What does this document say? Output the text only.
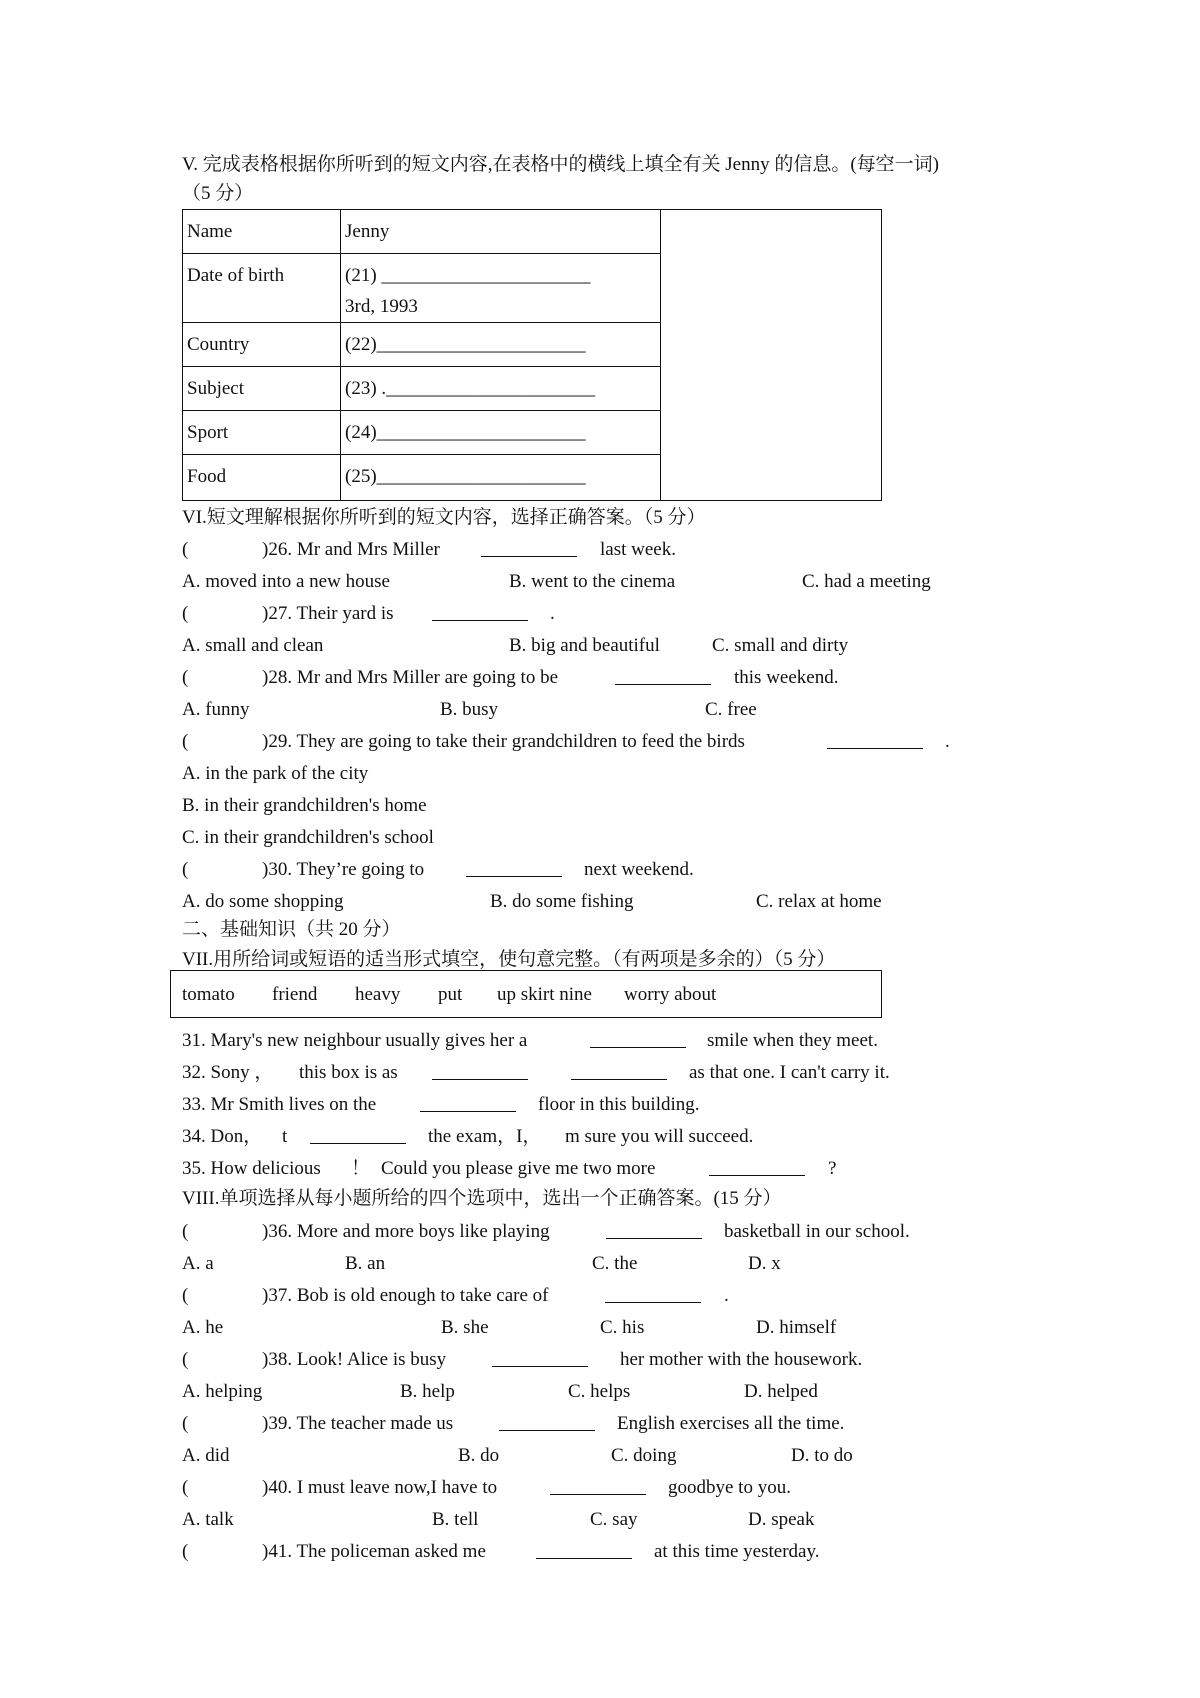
V. 完成表格根据你所听到的短文内容,在表格中的横线上填全有关 Jenny 的信息。(每空一词)
（5 分）
Name	Jenny	
Date of birth	(21) ______________________
3rd, 1993	

Country	(22)______________________	
Subject	(23) .______________________	
Sport	(24)______________________	
Food	(25)______________________	
VI.短文理解根据你所听到的短文内容，选择正确答案。（5 分）
(	)26. Mr and Mrs Miller	last week.
A. moved into a new house	B. went to the cinema	C. had a meeting
(	)27. Their yard is	.
A. small and clean	B. big and beautiful	C. small and dirty
(	)28. Mr and Mrs Miller are going to be	this weekend.
A. funny	B. busy	C. free
(	)29. They are going to take their grandchildren to feed the birds	.
A. in the park of the city
B. in their grandchildren's home
C. in their grandchildren's school
(	)30. They’re going to	next weekend.
A. do some shopping	B. do some fishing	C. relax at home
二、基础知识（共 20 分）
VII.用所给词或短语的适当形式填空，使句意完整。（有两项是多余的）（5 分）
tomato friend heavy put up skirt nine worry about
31. Mary's new neighbour usually gives her a	smile when they meet.
32. Sony ， this box is as	as that one. I can't carry it.
33. Mr Smith lives on the	floor in this building.
34. Don， t	the exam，I， m sure you will succeed.
35. How delicious ！ Could you please give me two more	?
VIII.单项选择从每小题所给的四个选项中，选出一个正确答案。(15 分）
(	)36. More and more boys like playing	basketball in our school.
A. a	B. an	C. the	D. x
(	)37. Bob is old enough to take care of	.
A. he	B. she	C. his	D. himself
(	)38. Look! Alice is busy	her mother with the housework.
A. helping	B. help	C. helps	D. helped
(	)39. The teacher made us	English exercises all the time.
A. did	B. do	C. doing	D. to do
(	)40. I must leave now,I have to	goodbye to you.
A. talk	B. tell	C. say	D. speak
(	)41. The policeman asked me	at this time yesterday.
